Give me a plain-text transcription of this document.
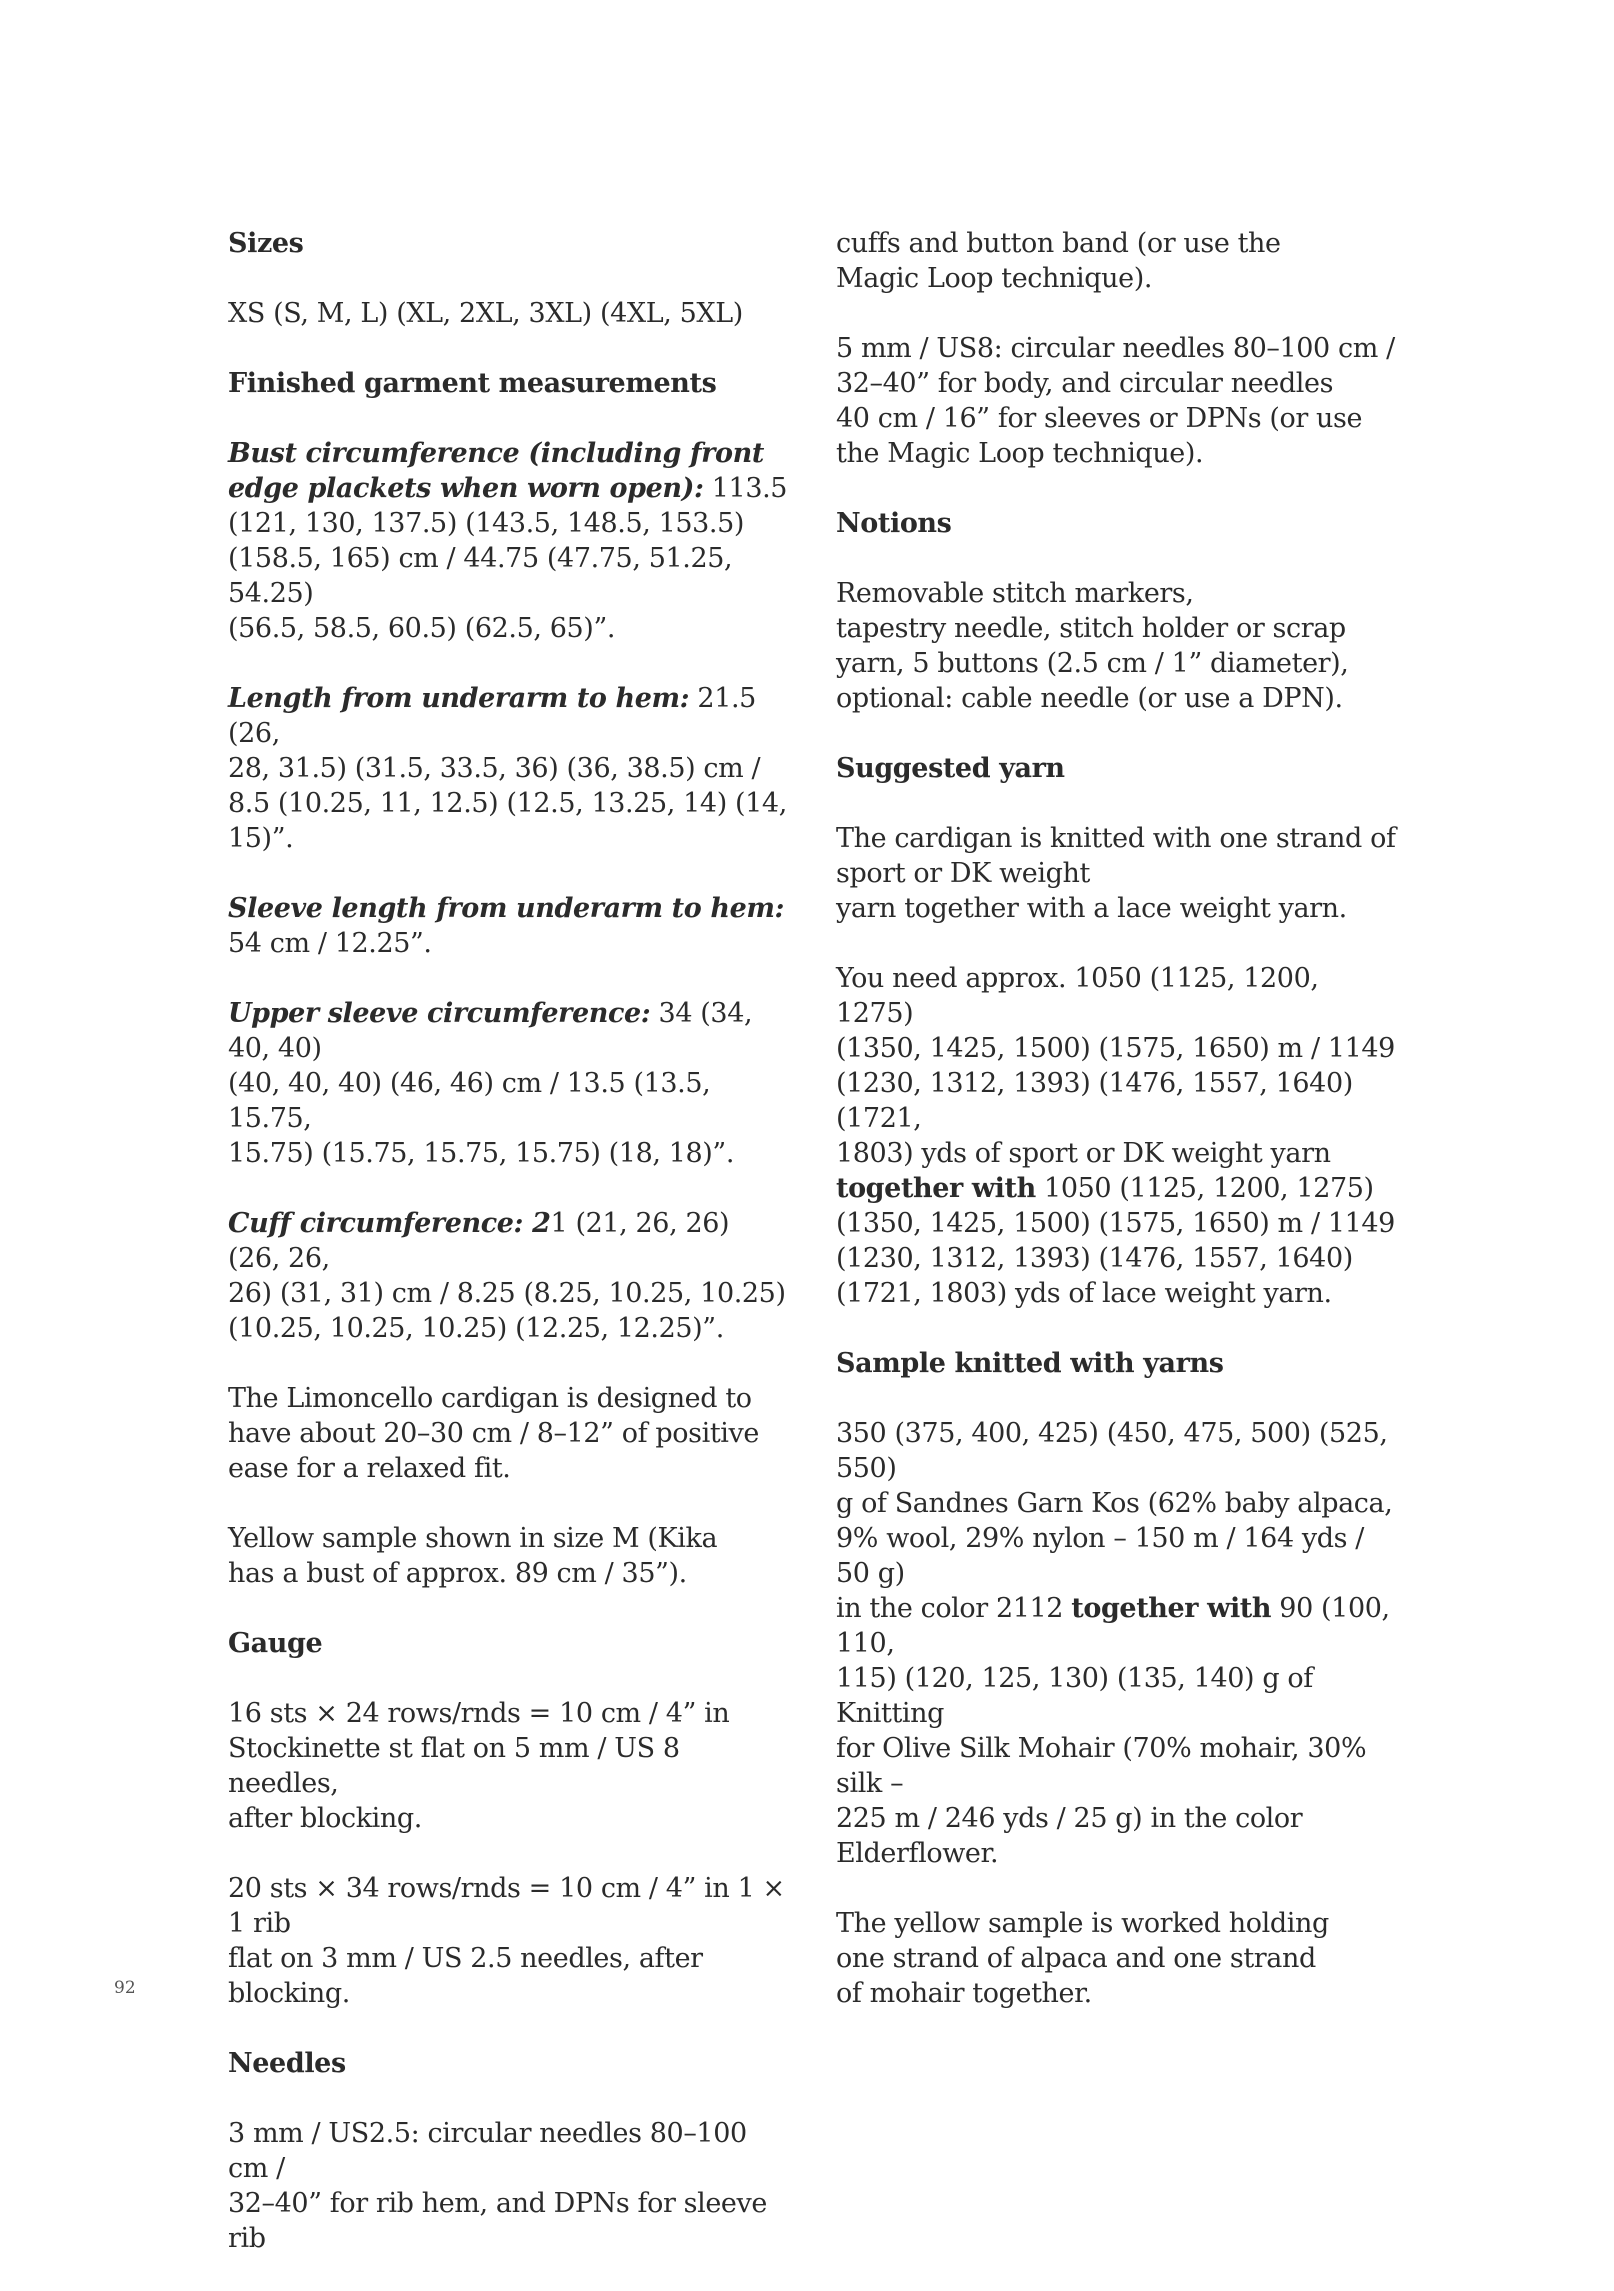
Sizes
XS (S, M, L) (XL, 2XL, 3XL) (4XL, 5XL)
Finished garment measurements
Bust circumference (including front
edge plackets when worn open): 113.5
(121, 130, 137.5) (143.5, 148.5, 153.5)
(158.5, 165) cm / 44.75 (47.75, 51.25, 54.25)
(56.5, 58.5, 60.5) (62.5, 65)”.
Length from underarm to hem: 21.5 (26,
28, 31.5) (31.5, 33.5, 36) (36, 38.5) cm /
8.5 (10.25, 11, 12.5) (12.5, 13.25, 14) (14, 15)”.
Sleeve length from underarm to hem:
54 cm / 12.25”.
Upper sleeve circumference: 34 (34, 40, 40)
(40, 40, 40) (46, 46) cm / 13.5 (13.5, 15.75,
15.75) (15.75, 15.75, 15.75) (18, 18)”.
Cuff circumference: 21 (21, 26, 26) (26, 26,
26) (31, 31) cm / 8.25 (8.25, 10.25, 10.25)
(10.25, 10.25, 10.25) (12.25, 12.25)”.
The Limoncello cardigan is designed to
have about 20–30 cm / 8–12” of positive
ease for a relaxed fit.
Yellow sample shown in size M (Kika
has a bust of approx. 89 cm / 35”).
Gauge
16 sts × 24 rows/rnds = 10 cm / 4” in
Stockinette st flat on 5 mm / US 8 needles,
after blocking.
20 sts × 34 rows/rnds = 10 cm / 4” in 1 × 1 rib
flat on 3 mm / US 2.5 needles, after blocking.
Needles
3 mm / US2.5: circular needles 80–100 cm /
32–40” for rib hem, and DPNs for sleeve rib
cuffs and button band (or use the
Magic Loop technique).
5 mm / US8: circular needles 80–100 cm /
32–40” for body, and circular needles
40 cm / 16” for sleeves or DPNs (or use
the Magic Loop technique).
Notions
Removable stitch markers,
tapestry needle, stitch holder or scrap
yarn, 5 buttons (2.5 cm / 1” diameter),
optional: cable needle (or use a DPN).
Suggested yarn
The cardigan is knitted with one strand of
sport or DK weight
yarn together with a lace weight yarn.
You need approx. 1050 (1125, 1200, 1275)
(1350, 1425, 1500) (1575, 1650) m / 1149
(1230, 1312, 1393) (1476, 1557, 1640) (1721,
1803) yds of sport or DK weight yarn
together with 1050 (1125, 1200, 1275)
(1350, 1425, 1500) (1575, 1650) m / 1149
(1230, 1312, 1393) (1476, 1557, 1640)
(1721, 1803) yds of lace weight yarn.
Sample knitted with yarns
350 (375, 400, 425) (450, 475, 500) (525, 550)
g of Sandnes Garn Kos (62% baby alpaca,
9% wool, 29% nylon – 150 m / 164 yds / 50 g)
in the color 2112 together with 90 (100, 110,
115) (120, 125, 130) (135, 140) g of Knitting
for Olive Silk Mohair (70% mohair, 30% silk –
225 m / 246 yds / 25 g) in the color
Elderflower.
The yellow sample is worked holding
one strand of alpaca and one strand
of mohair together.
92
